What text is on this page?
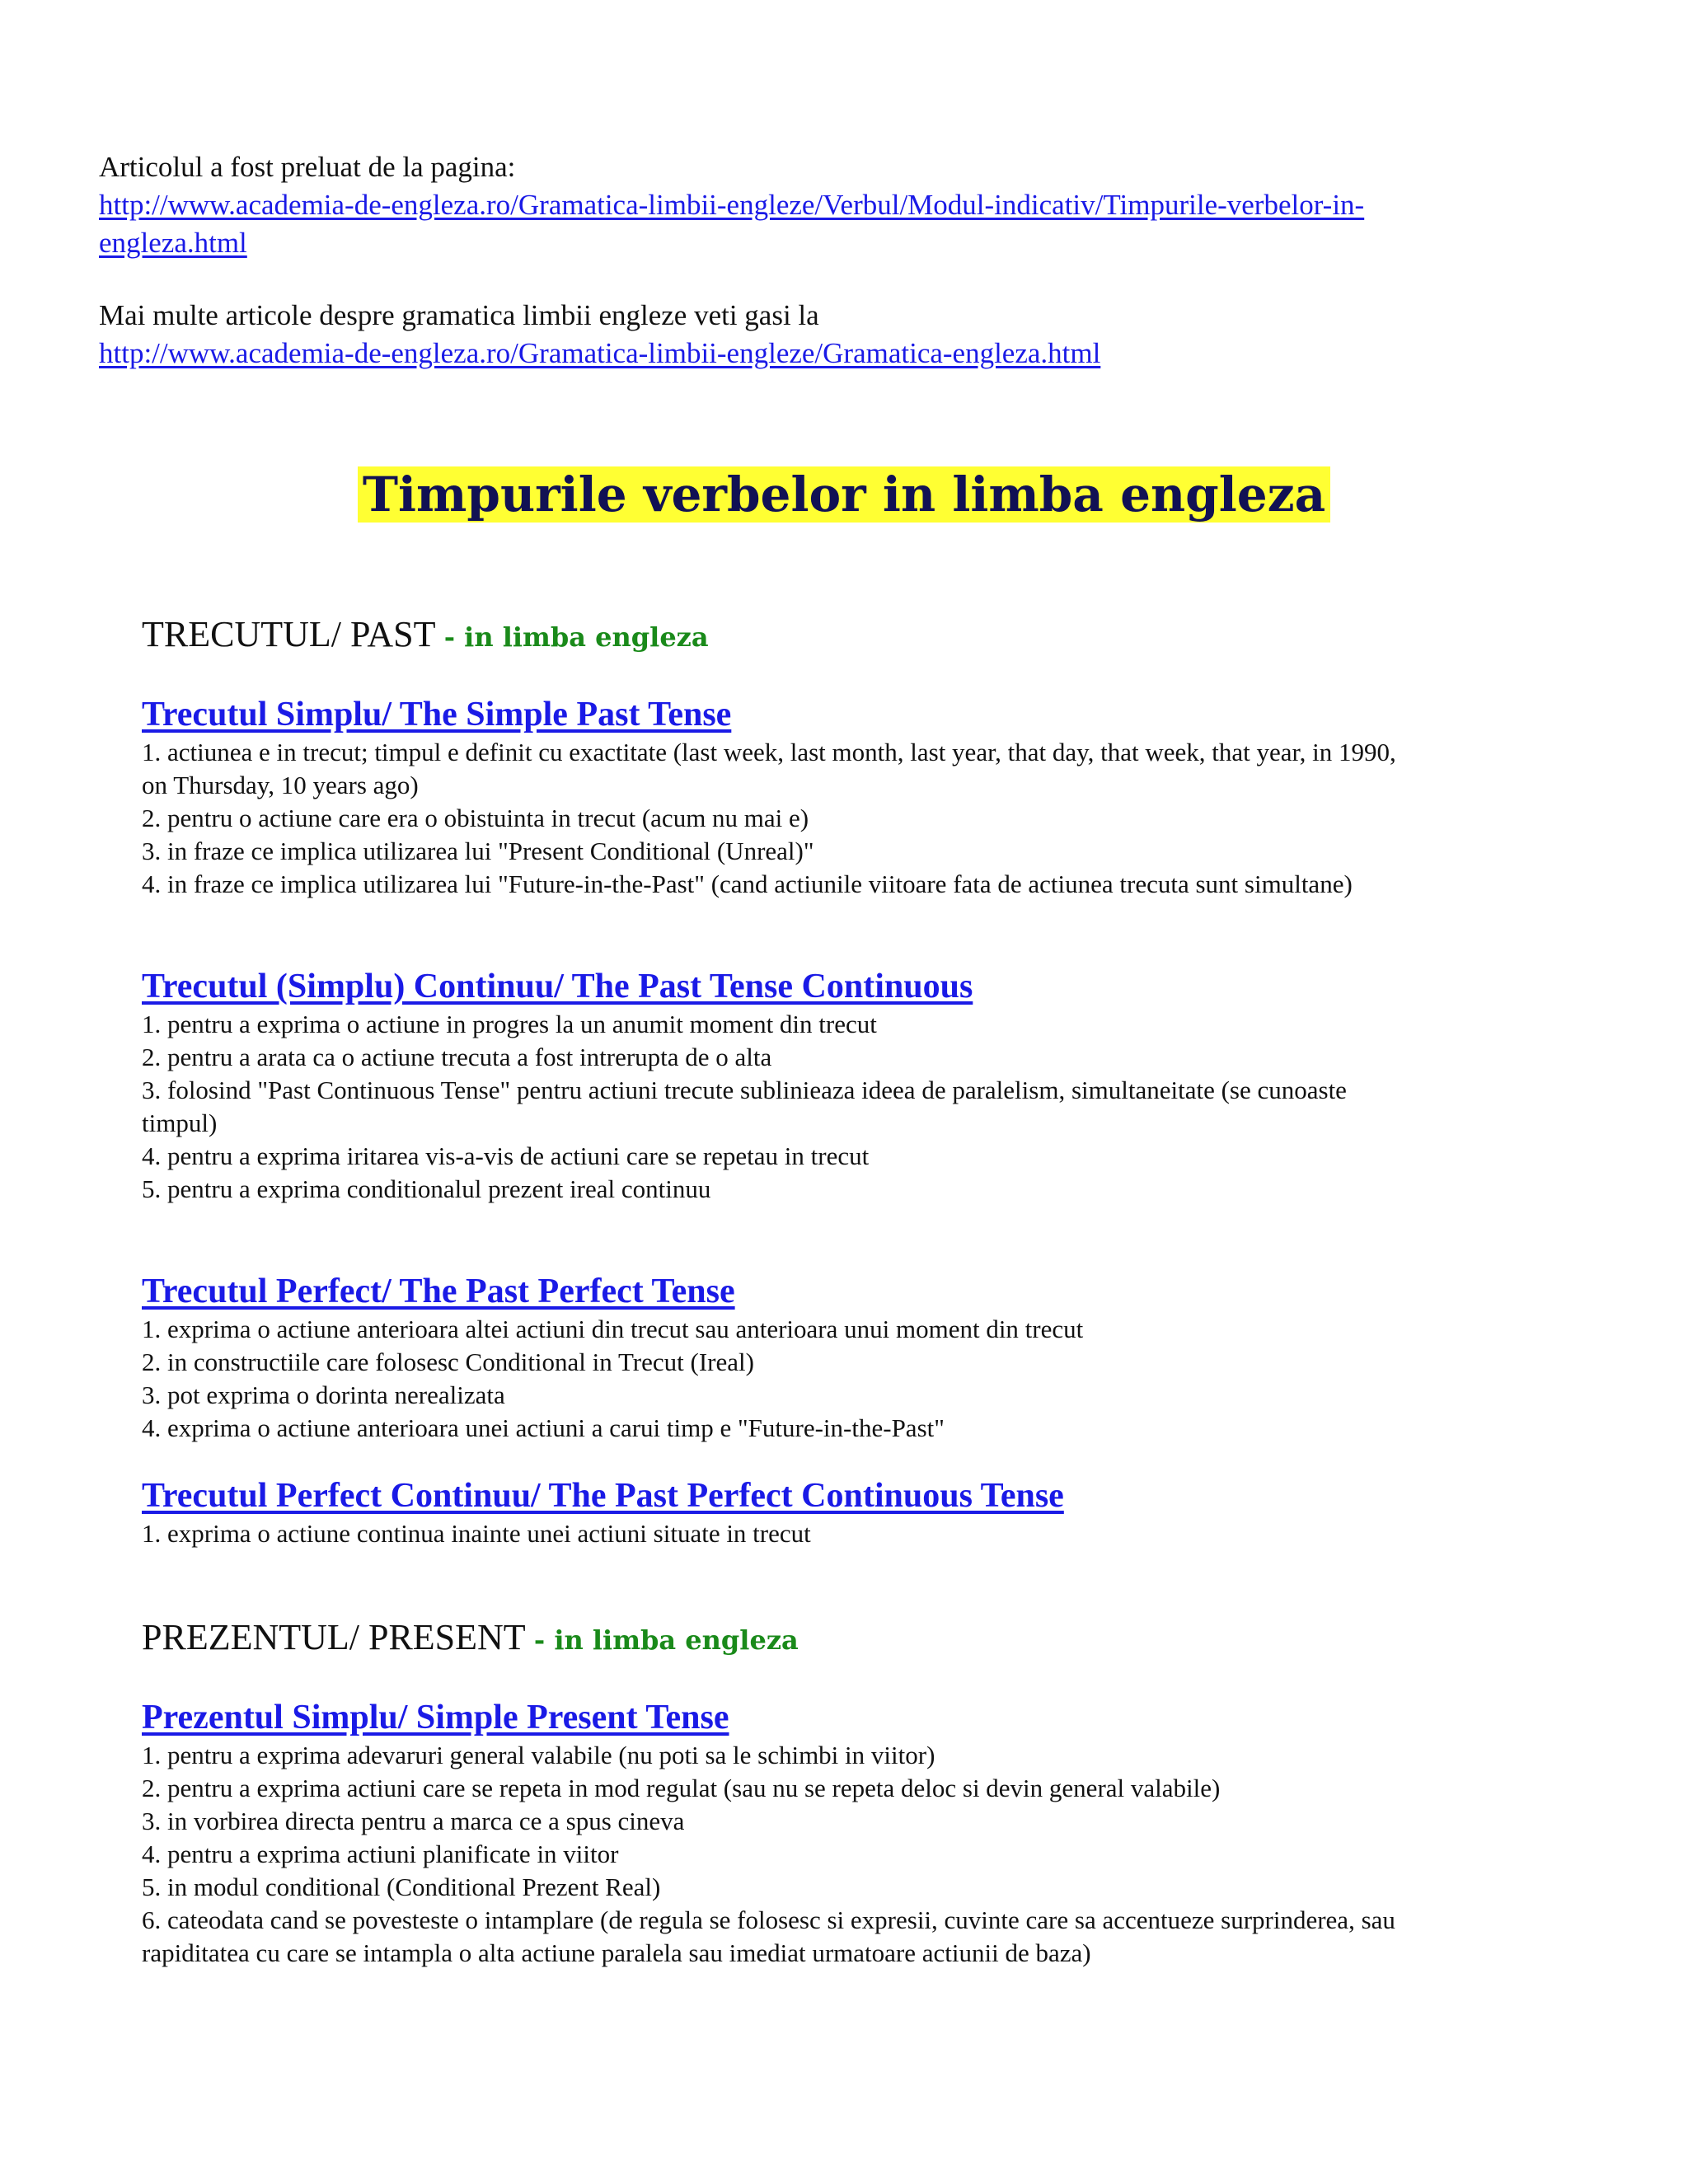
Articolul a fost preluat de la pagina:
http://www.academia-de-engleza.ro/Gramatica-limbii-engleze/Verbul/Modul-indicativ/Timpurile-verbelor-in-
engleza.html
Mai multe articole despre gramatica limbii engleze veti gasi la
http://www.academia-de-engleza.ro/Gramatica-limbii-engleze/Gramatica-engleza.html
Timpurile verbelor in limba engleza

TRECUTUL/ PAST - in limba engleza

Trecutul Simplu/ The Simple Past Tense
1. actiunea e in trecut; timpul e definit cu exactitate (last week, last month, last year, that day, that week, that year, in 1990,
on Thursday, 10 years ago)
2. pentru o actiune care era o obistuinta in trecut (acum nu mai e)
3. in fraze ce implica utilizarea lui "Present Conditional (Unreal)"
4. in fraze ce implica utilizarea lui "Future-in-the-Past" (cand actiunile viitoare fata de actiunea trecuta sunt simultane)
Trecutul (Simplu) Continuu/ The Past Tense Continuous
1. pentru a exprima o actiune in progres la un anumit moment din trecut
2. pentru a arata ca o actiune trecuta a fost intrerupta de o alta
3. folosind "Past Continuous Tense" pentru actiuni trecute sublinieaza ideea de paralelism, simultaneitate (se cunoaste
timpul)
4. pentru a exprima iritarea vis-a-vis de actiuni care se repetau in trecut
5. pentru a exprima conditionalul prezent ireal continuu
Trecutul Perfect/ The Past Perfect Tense
1. exprima o actiune anterioara altei actiuni din trecut sau anterioara unui moment din trecut
2. in constructiile care folosesc Conditional in Trecut (Ireal)
3. pot exprima o dorinta nerealizata
4. exprima o actiune anterioara unei actiuni a carui timp e "Future-in-the-Past"
Trecutul Perfect Continuu/ The Past Perfect Continuous Tense
1. exprima o actiune continua inainte unei actiuni situate in trecut

PREZENTUL/ PRESENT - in limba engleza

Prezentul Simplu/ Simple Present Tense
1. pentru a exprima adevaruri general valabile (nu poti sa le schimbi in viitor)
2. pentru a exprima actiuni care se repeta in mod regulat (sau nu se repeta deloc si devin general valabile)
3. in vorbirea directa pentru a marca ce a spus cineva
4. pentru a exprima actiuni planificate in viitor
5. in modul conditional (Conditional Prezent Real)
6. cateodata cand se povesteste o intamplare (de regula se folosesc si expresii, cuvinte care sa accentueze surprinderea, sau
rapiditatea cu care se intampla o alta actiune paralela sau imediat urmatoare actiunii de baza)
